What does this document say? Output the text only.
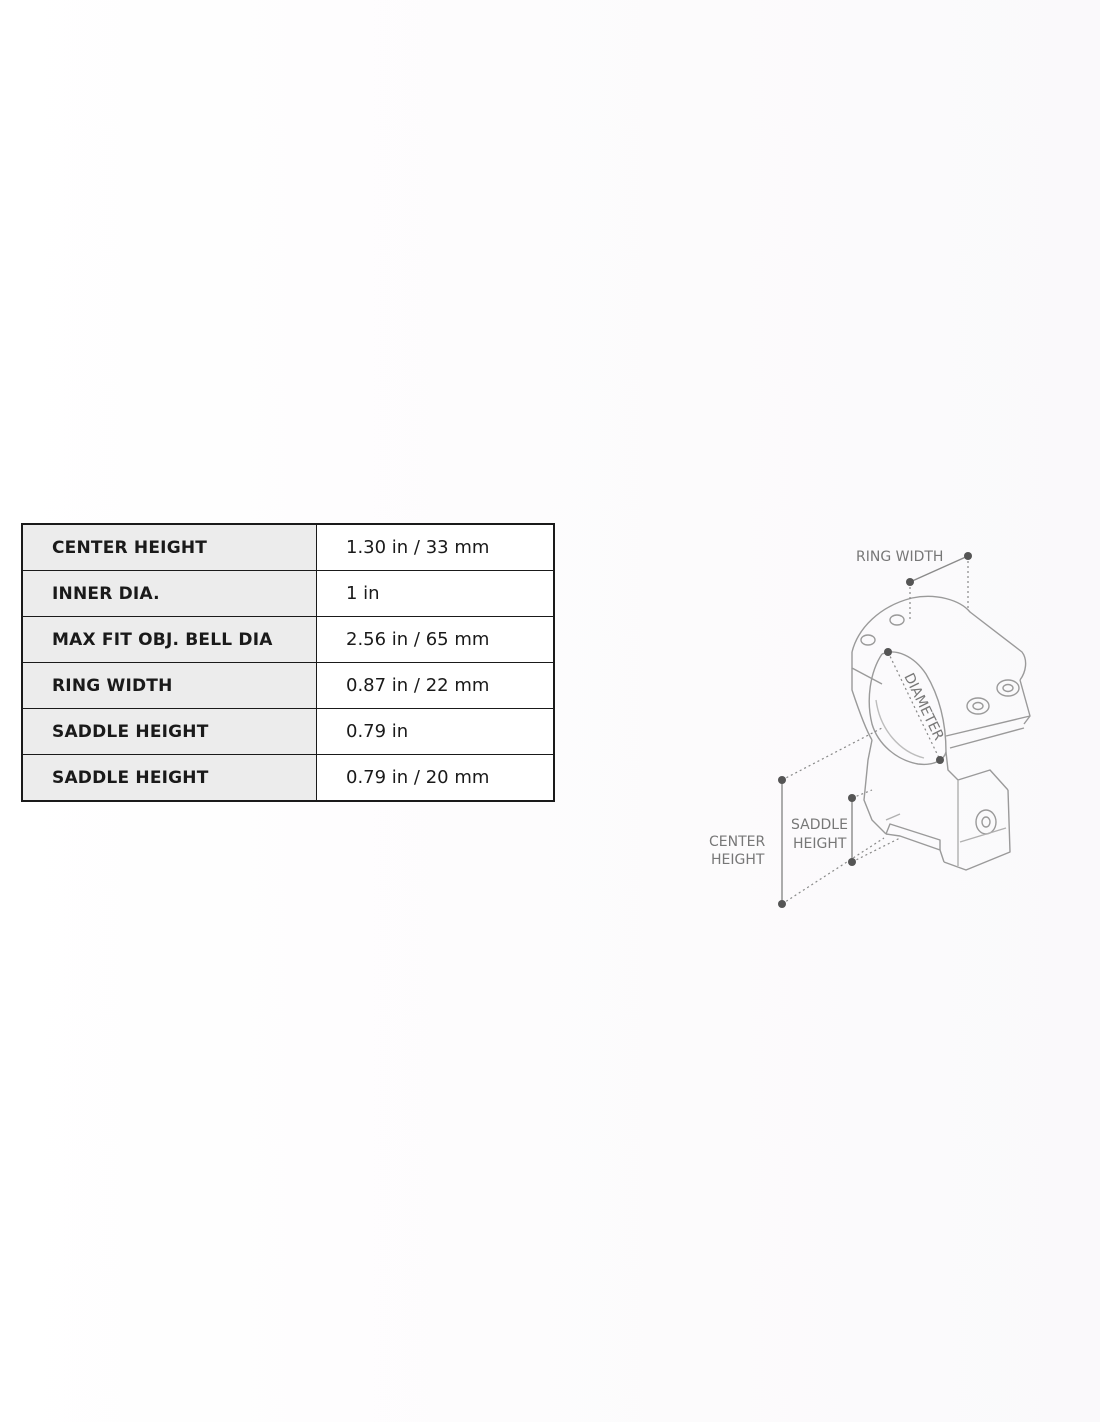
CENTER HEIGHT	1.30 in / 33 mm
INNER DIA.	1 in
MAX FIT OBJ. BELL DIA	2.56 in / 65 mm
RING WIDTH	0.87 in / 22 mm
SADDLE HEIGHT	0.79 in
SADDLE HEIGHT	0.79 in / 20 mm
RING WIDTH
DIAMETER
CENTER
HEIGHT
SADDLE
HEIGHT
